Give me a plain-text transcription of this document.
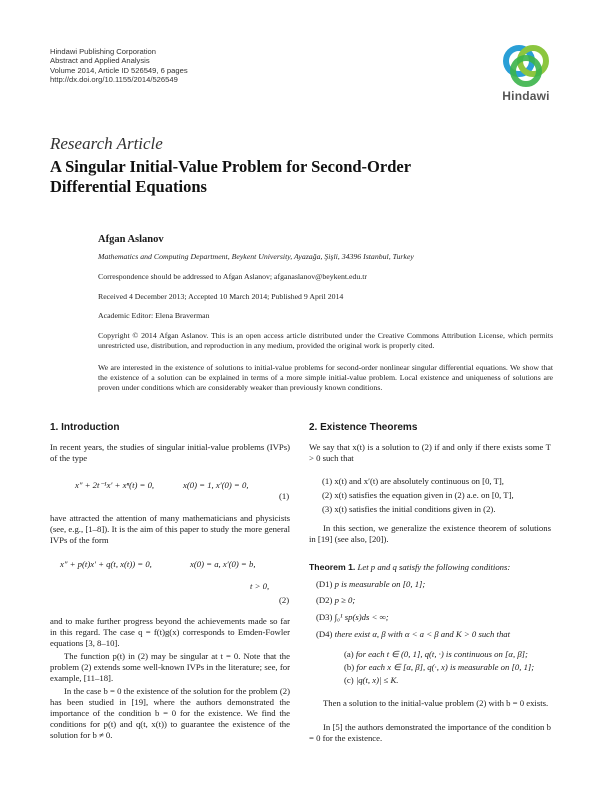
Hindawi Publishing Corporation
Abstract and Applied Analysis
Volume 2014, Article ID 526549, 6 pages
http://dx.doi.org/10.1155/2014/526549
Hindawi
Research Article
A Singular Initial-Value Problem for Second-Order
Differential Equations
Afgan Aslanov
Mathematics and Computing Department, Beykent University, Ayazağa, Şişli, 34396 Istanbul, Turkey
Correspondence should be addressed to Afgan Aslanov; afganaslanov@beykent.edu.tr
Received 4 December 2013; Accepted 10 March 2014; Published 9 April 2014
Academic Editor: Elena Braverman
Copyright © 2014 Afgan Aslanov. This is an open access article distributed under the Creative Commons Attribution License, which permits unrestricted use, distribution, and reproduction in any medium, provided the original work is properly cited.
We are interested in the existence of solutions to initial-value problems for second-order nonlinear singular differential equations. We show that the existence of a solution can be explained in terms of a more simple initial-value problem. Local existence and uniqueness of solutions are proven under conditions which are considerably weaker than previously known conditions.
1. Introduction
In recent years, the studies of singular initial-value problems (IVPs) of the type
x″ + 2t⁻¹x′ + xⁿ(t) = 0,	x(0) = 1, x′(0) = 0,
(1)
have attracted the attention of many mathematicians and physicists (see, e.g., [1–8]). It is the aim of this paper to study the more general IVPs of the form
x″ + p(t)x′ + q(t, x(t)) = 0,	x(0) = a, x′(0) = b,
t > 0,
(2)
and to make further progress beyond the achievements made so far in this regard. The case q = f(t)g(x) corresponds to Emden-Fowler equations [3, 8–10].
The function p(t) in (2) may be singular at t = 0. Note that the problem (2) extends some well-known IVPs in the literature; see, for example, [11–18].
In the case b = 0 the existence of the solution for the problem (2) has been studied in [19], where the authors demonstrated the importance of the condition b = 0 for the existence. We find the conditions for p(t) and q(t, x(t)) to guarantee the existence of the solution for b ≠ 0.
2. Existence Theorems
We say that x(t) is a solution to (2) if and only if there exists some T > 0 such that
(1) x(t) and x′(t) are absolutely continuous on [0, T],
(2) x(t) satisfies the equation given in (2) a.e. on [0, T],
(3) x(t) satisfies the initial conditions given in (2).
In this section, we generalize the existence theorem of solutions in [19] (see also, [20]).
Theorem 1. Let p and q satisfy the following conditions:
(D1) p is measurable on [0, 1];
(D2) p ≥ 0;
(D3) ∫₀¹ sp(s)ds < ∞;
(D4) there exist α, β with α < a < β and K > 0 such that
(a) for each t ∈ (0, 1], q(t, ·) is continuous on [α, β];
(b) for each x ∈ [α, β], q(·, x) is measurable on [0, 1];
(c) |q(t, x)| ≤ K.
Then a solution to the initial-value problem (2) with b = 0 exists.
In [5] the authors demonstrated the importance of the condition b = 0 for the existence.
